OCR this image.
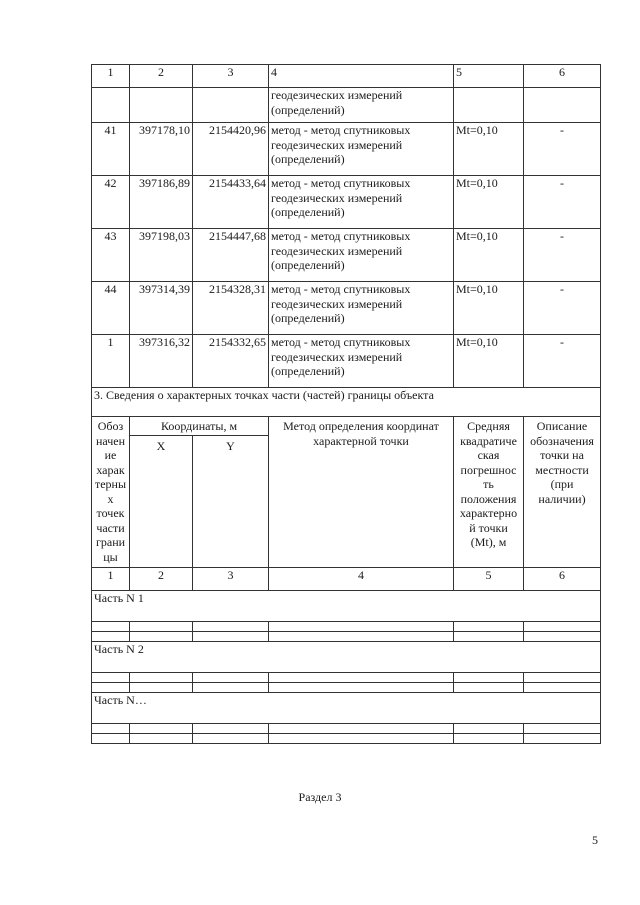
1	2	3	4	5	6
			геодезических измерений (определений)		
41	397178,10	2154420,96	метод - метод спутниковых геодезических измерений (определений)	Mt=0,10	-
42	397186,89	2154433,64	метод - метод спутниковых геодезических измерений (определений)	Mt=0,10	-
43	397198,03	2154447,68	метод - метод спутниковых геодезических измерений (определений)	Mt=0,10	-
44	397314,39	2154328,31	метод - метод спутниковых геодезических измерений (определений)	Mt=0,10	-
1	397316,32	2154332,65	метод - метод спутниковых геодезических измерений (определений)	Mt=0,10	-
3. Сведения о характерных точках части (частей) границы объекта					
Обоз начен ие харак терны х точек части грани цы	Координаты, м		Метод определения координат характерной точки	Средняя квадратиче ская погрешнос ть положения характерно й точки (Mt), м	Описание обозначения точки на местности (при наличии)
	X	Y			
1	2	3	4	5	6
Часть N 1					

Часть N 2					

Часть N…					

Раздел 3
5
